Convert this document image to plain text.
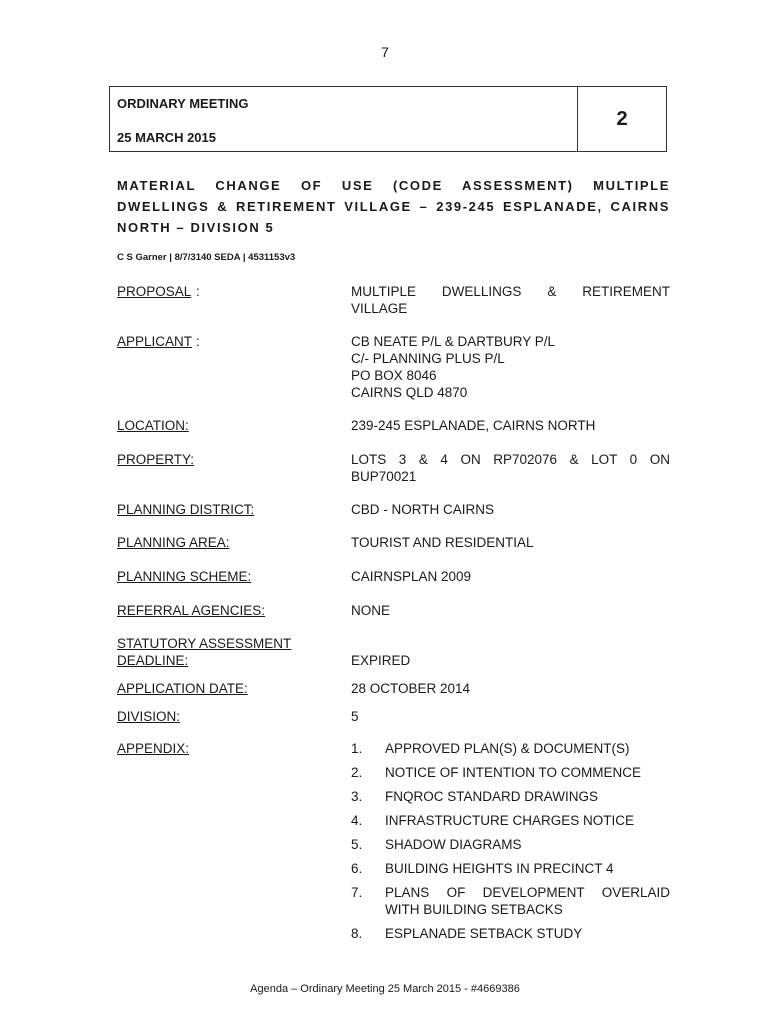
7
ORDINARY MEETING
25 MARCH 2015
2
MATERIAL CHANGE OF USE (CODE ASSESSMENT) MULTIPLE
DWELLINGS & RETIREMENT VILLAGE – 239-245 ESPLANADE, CAIRNS
NORTH – DIVISION 5
C S Garner | 8/7/3140 SEDA | 4531153v3
PROPOSAL :	MULTIPLE DWELLINGS & RETIREMENT
VILLAGE
APPLICANT :	CB NEATE P/L & DARTBURY P/L
C/- PLANNING PLUS P/L
PO BOX 8046
CAIRNS QLD 4870
LOCATION:	239-245 ESPLANADE, CAIRNS NORTH
PROPERTY:	LOTS 3 & 4 ON RP702076 & LOT 0 ON
BUP70021
PLANNING DISTRICT:	CBD - NORTH CAIRNS
PLANNING AREA:	TOURIST AND RESIDENTIAL
PLANNING SCHEME:	CAIRNSPLAN 2009
REFERRAL AGENCIES:	NONE
STATUTORY ASSESSMENT
DEADLINE:	EXPIRED
APPLICATION DATE:	28 OCTOBER 2014
DIVISION:	5
APPENDIX:	1. APPROVED PLAN(S) & DOCUMENT(S)
2. NOTICE OF INTENTION TO COMMENCE
3. FNQROC STANDARD DRAWINGS
4. INFRASTRUCTURE CHARGES NOTICE
5. SHADOW DIAGRAMS
6. BUILDING HEIGHTS IN PRECINCT 4
7. PLANS OF DEVELOPMENT OVERLAID
WITH BUILDING SETBACKS
8. ESPLANADE SETBACK STUDY
Agenda – Ordinary Meeting 25 March 2015 - #4669386
